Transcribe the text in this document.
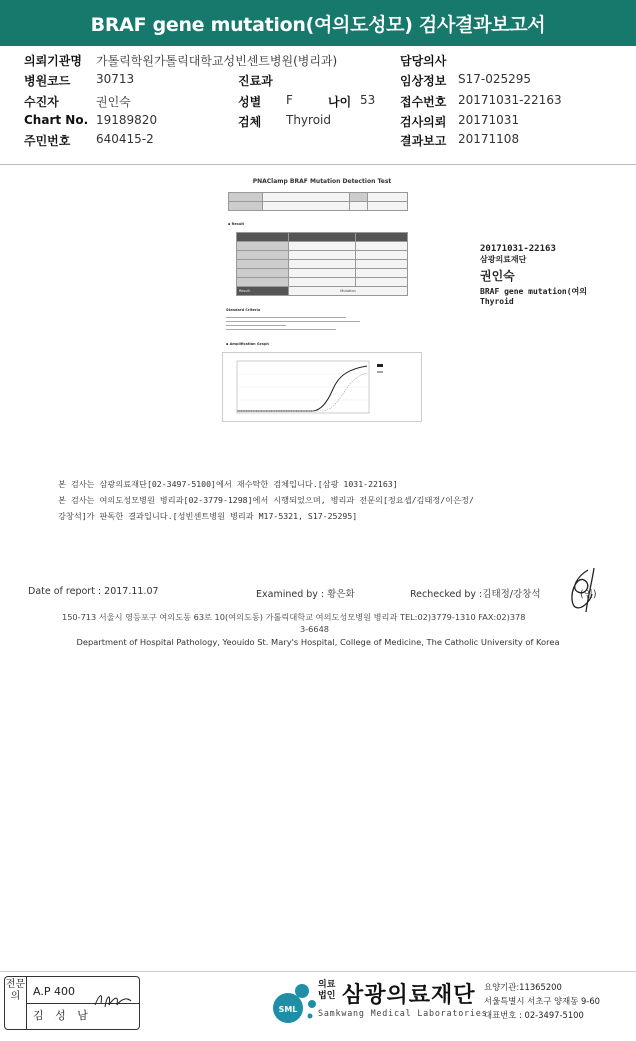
BRAF gene mutation(여의도성모) 검사결과보고서
의뢰기관명 가톨릭학원가톨릭대학교성빈센트병원(병리과)	담당의사
병원코드 30713	진료과	임상정보 S17-025295
수진자	권인숙	성별 F	나이 53 접수번호 20171031-22163
Chart No. 19189820	검체 Thyroid	검사의뢰 20171031
주민번호 640415-2	결과보고 20171108
PNAClamp BRAF Mutation Detection Test

▪ Result

Result	Mutation	
Standard Criteria
▪ Amplification Graph
20171031-22163
삼광의료재단
권인숙
BRAF gene mutation(여의
Thyroid
본 검사는 삼광의료재단[02-3497-5100]에서 재수탁한 검체입니다.[삼광 1031-22163]
본 검사는 여의도성모병원 병리과[02-3779-1298]에서 시행되었으며, 병리과 전문의[정요셉/김태정/이은정/
강창석]가 판독한 결과입니다.[성빈센트병원 병리과 M17-5321, S17-25295]
Date of report : 2017.11.07	Examined by : 황은화	Rechecked by :김태정/강창석	(인)
150-713 서울시 영등포구 여의도동 63로 10(여의도동) 가톨릭대학교 여의도성모병원 병리과 TEL:02)3779-1310 FAX:02)378
3-6648
Department of Hospital Pathology, Yeouido St. Mary's Hospital, College of Medicine, The Catholic University of Korea
전문의	A.P 400
김 성 남	SML
의료법인 삼광의료재단
Samkwang Medical Laboratories
요양기관:11365200
서울특별시 서초구 양재동 9-60
대표번호 : 02-3497-5100
